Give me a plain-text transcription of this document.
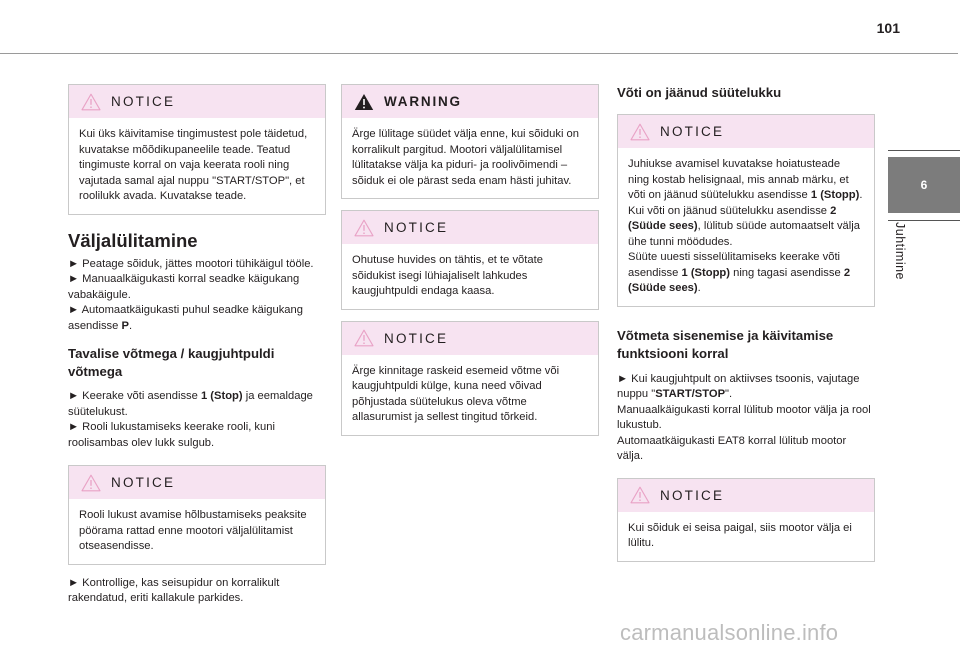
101
NOTICE
Kui üks käivitamise tingimustest pole täidetud, kuvatakse mõõdikupaneelile teade. Teatud tingimuste korral on vaja keerata rooli ning vajutada samal ajal nuppu "START/STOP", et roolilukk avada. Kuvatakse teade.
Väljalülitamine
► Peatage sõiduk, jättes mootori tühikäigul tööle.
► Manuaalkäigukasti korral seadke käigukang vabakäigule.
► Automaatkäigukasti puhul seadke käigukang asendisse P.
Tavalise võtmega / kaugjuhtpuldi võtmega
► Keerake võti asendisse 1 (Stop) ja eemaldage süütelukust.
► Rooli lukustamiseks keerake rooli, kuni roolisambas olev lukk sulgub.
NOTICE
Rooli lukust avamise hõlbustamiseks peaksite pöörama rattad enne mootori väljalülitamist otseasendisse.
► Kontrollige, kas seisupidur on korralikult rakendatud, eriti kallakule parkides.
WARNING
Ärge lülitage süüdet välja enne, kui sõiduki on korralikult pargitud. Mootori väljalülitamisel lülitatakse välja ka piduri- ja roolivõimendi – sõiduk ei ole pärast seda enam hästi juhitav.
NOTICE
Ohutuse huvides on tähtis, et te võtate sõidukist isegi lühiajaliselt lahkudes kaugjuhtpuldi endaga kaasa.
NOTICE
Ärge kinnitage raskeid esemeid võtme või kaugjuhtpuldi külge, kuna need võivad põhjustada süütelukus oleva võtme allasurumist ja sellest tingitud tõrkeid.
Võti on jäänud süütelukku
NOTICE
Juhiukse avamisel kuvatakse hoiatusteade ning kostab helisignaal, mis annab märku, et võti on jäänud süütelukku asendisse 1 (Stopp).
Kui võti on jäänud süütelukku asendisse 2 (Süüde sees), lülitub süüde automaatselt välja ühe tunni möödudes.
Süüte uuesti sisselülitamiseks keerake võti asendisse 1 (Stopp) ning tagasi asendisse 2 (Süüde sees).
Võtmeta sisenemise ja käivitamise funktsiooni korral
► Kui kaugjuhtpult on aktiivses tsoonis, vajutage nuppu "START/STOP".
Manuaalkäigukasti korral lülitub mootor välja ja rool lukustub.
Automaatkäigukasti EAT8 korral lülitub mootor välja.
NOTICE
Kui sõiduk ei seisa paigal, siis mootor välja ei lülitu.
6
Juhtimine
carmanualsonline.info
